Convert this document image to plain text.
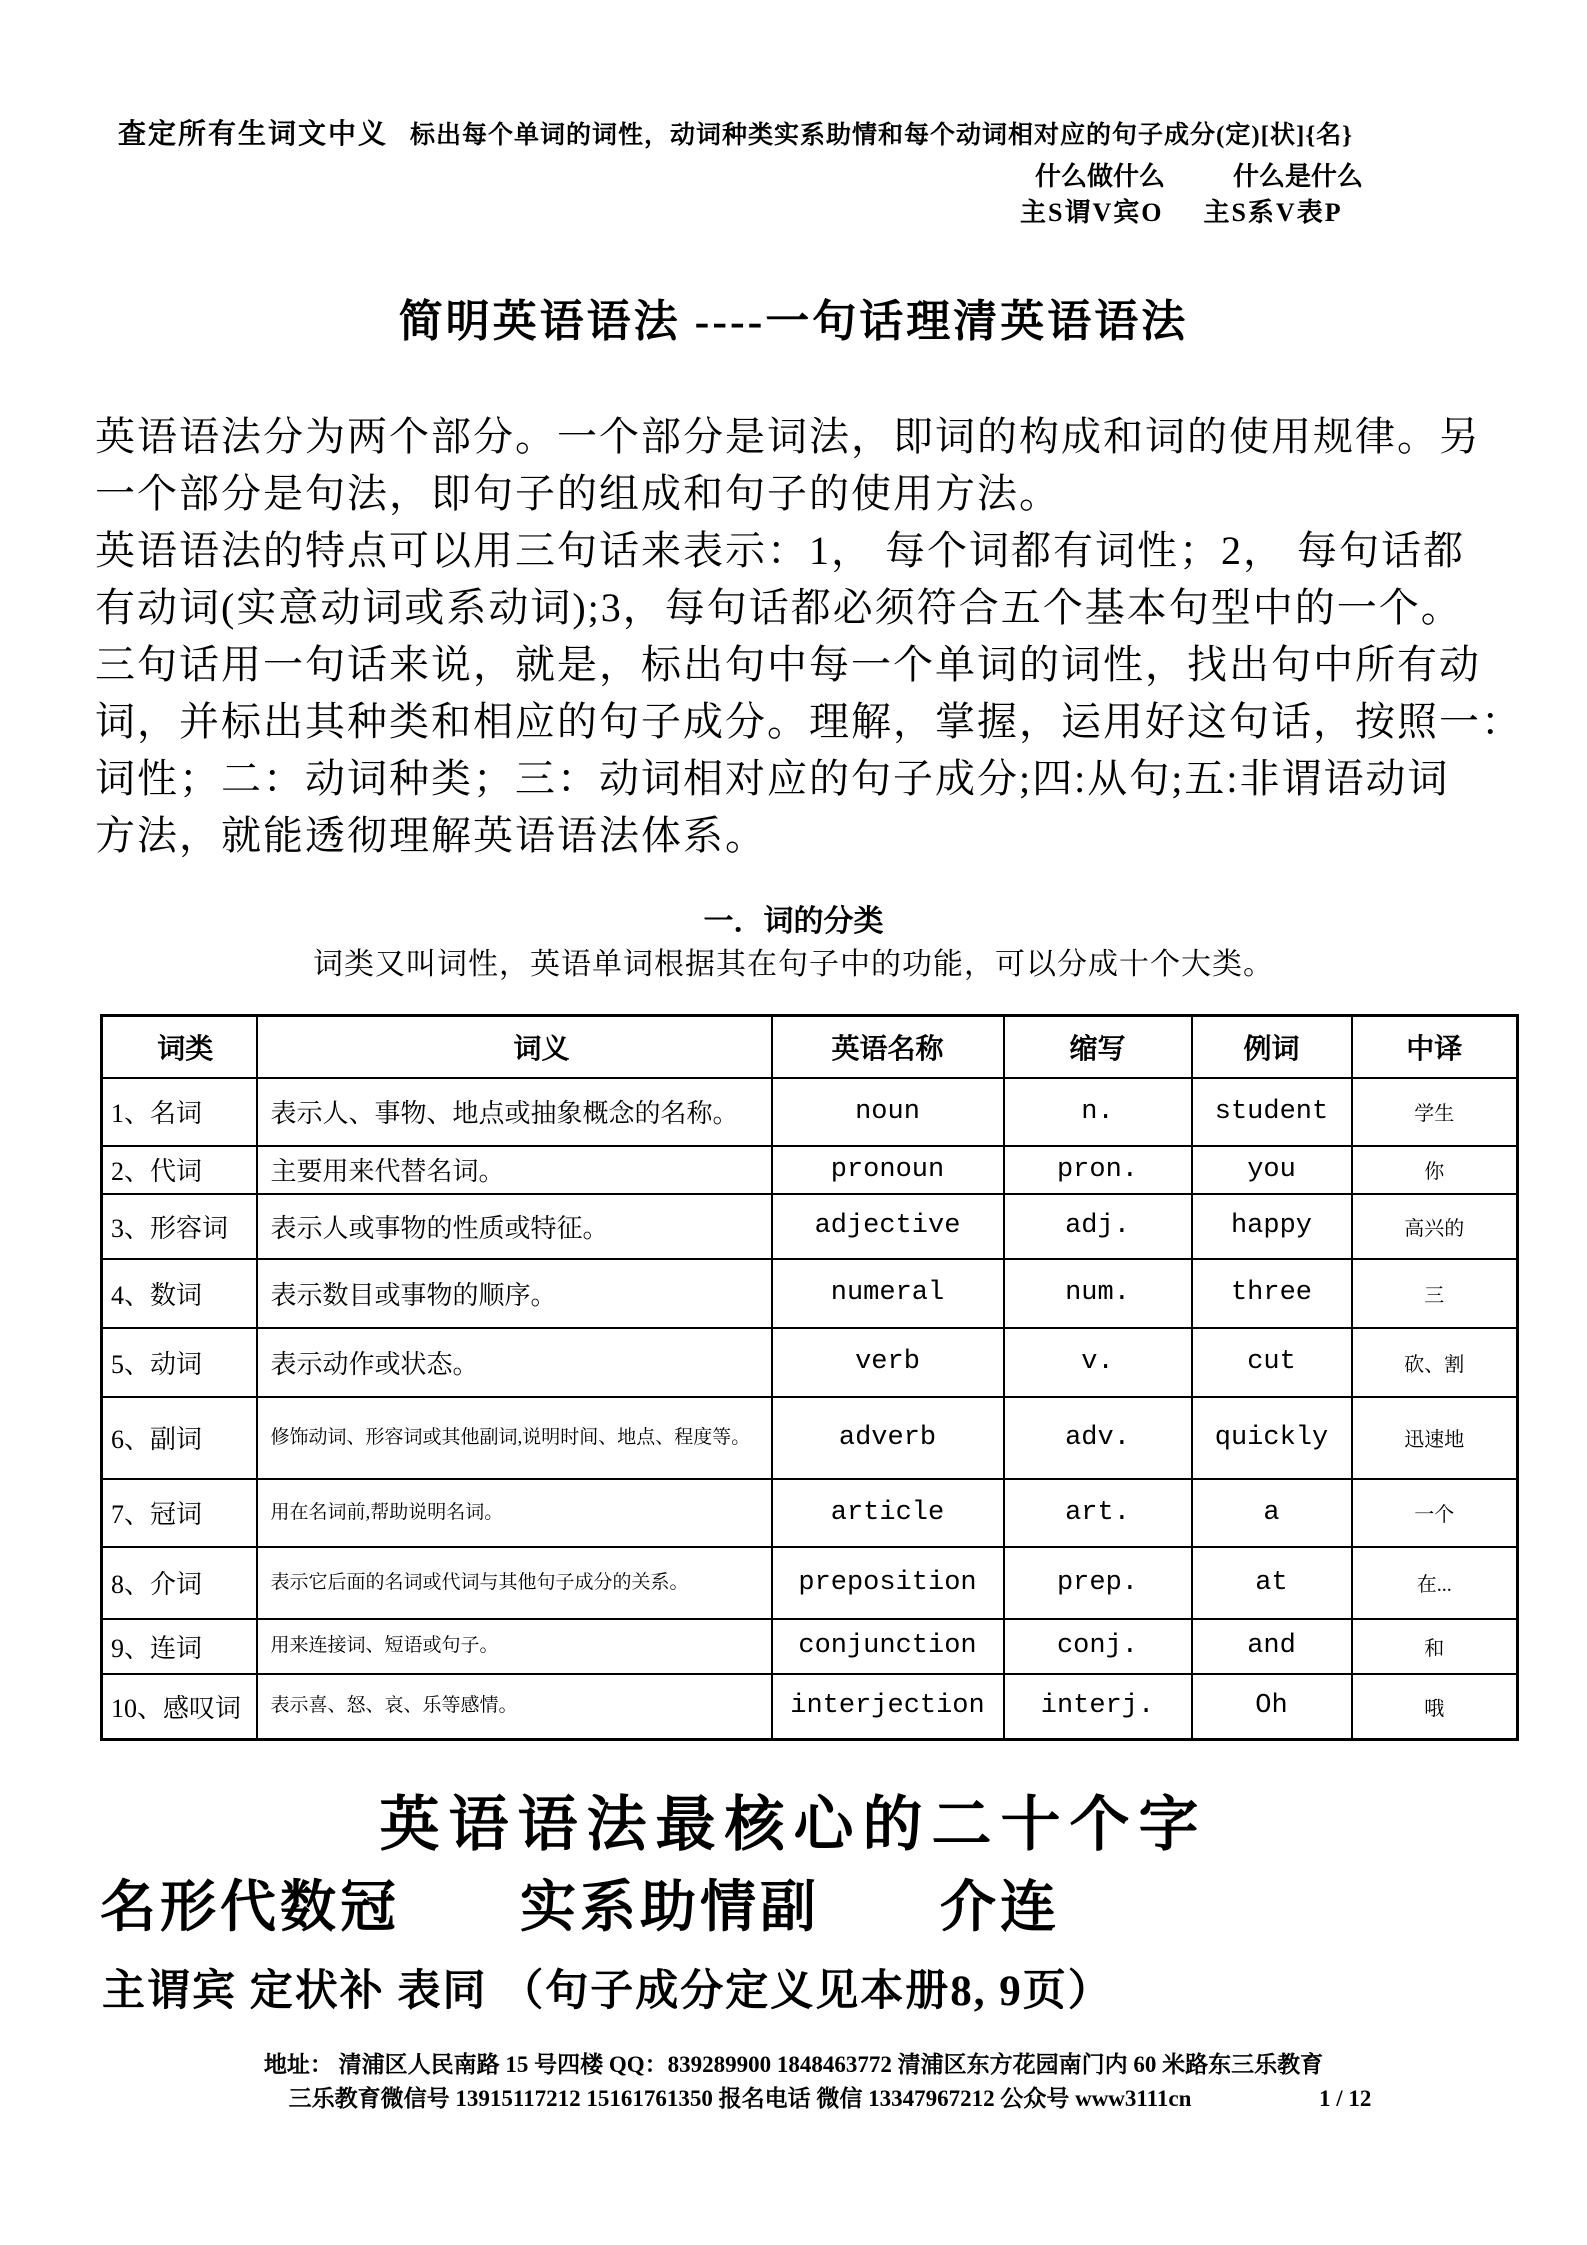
查定所有生词文中义 标出每个单词的词性，动词种类实系助情和每个动词相对应的句子成分(定)[状]{名}
什么做什么	什么是什么
主S谓V宾O 主S系V表P
简明英语语法 ----一句话理清英语语法
英语语法分为两个部分。一个部分是词法，即词的构成和词的使用规律。另
一个部分是句法，即句子的组成和句子的使用方法。
英语语法的特点可以用三句话来表示：1， 每个词都有词性；2， 每句话都
有动词(实意动词或系动词);3，每句话都必须符合五个基本句型中的一个。
三句话用一句话来说，就是，标出句中每一个单词的词性，找出句中所有动
词，并标出其种类和相应的句子成分。理解，掌握，运用好这句话，按照一：
词性；二：动词种类；三：动词相对应的句子成分;四:从句;五:非谓语动词
方法，就能透彻理解英语语法体系。
一．词的分类
词类又叫词性，英语单词根据其在句子中的功能，可以分成十个大类。
词类	词义	英语名称	缩写	例词	中译
1、名词	表示人、事物、地点或抽象概念的名称。	noun	n.	student	学生
2、代词	主要用来代替名词。	pronoun	pron.	you	你
3、形容词	表示人或事物的性质或特征。	adjective	adj.	happy	高兴的
4、数词	表示数目或事物的顺序。	numeral	num.	three	三
5、动词	表示动作或状态。	verb	v.	cut	砍、割
6、副词	修饰动词、形容词或其他副词,说明时间、地点、程度等。	adverb	adv.	quickly	迅速地
7、冠词	用在名词前,帮助说明名词。	article	art.	a	一个
8、介词	表示它后面的名词或代词与其他句子成分的关系。	preposition	prep.	at	在...
9、连词	用来连接词、短语或句子。	conjunction	conj.	and	和
10、感叹词	表示喜、怒、哀、乐等感情。	interjection	interj.	Oh	哦
英语语法最核心的二十个字
名形代数冠　　实系助情副　　介连
主谓宾 定状补 表同 （句子成分定义见本册8, 9页）
地址： 清浦区人民南路 15 号四楼 QQ：839289900 1848463772 清浦区东方花园南门内 60 米路东三乐教育
三乐教育微信号 13915117212 15161761350 报名电话 微信 13347967212 公众号 www3111cn	1 / 12
